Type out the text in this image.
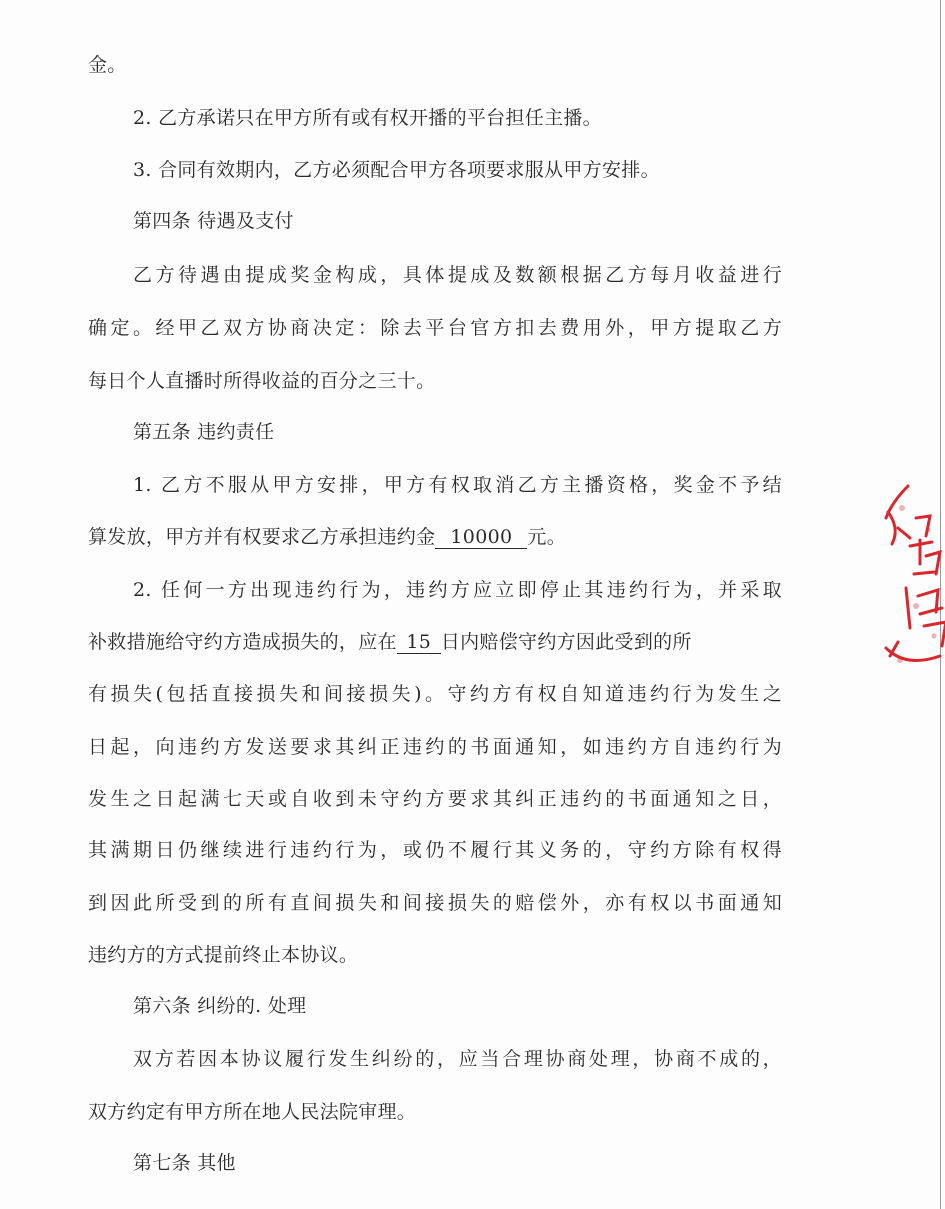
金。
2. 乙方承诺只在甲方所有或有权开播的平台担任主播。
3. 合同有效期内，乙方必须配合甲方各项要求服从甲方安排。
第四条 待遇及支付
乙方待遇由提成奖金构成，具体提成及数额根据乙方每月收益进行
确定。经甲乙双方协商决定：除去平台官方扣去费用外，甲方提取乙方
每日个人直播时所得收益的百分之三十。
第五条 违约责任
1. 乙方不服从甲方安排，甲方有权取消乙方主播资格，奖金不予结
算发放，甲方并有权要求乙方承担违约金 10000 元。
2. 任何一方出现违约行为，违约方应立即停止其违约行为，并采取
补救措施给守约方造成损失的，应在 15 日内赔偿守约方因此受到的所
有损失(包括直接损失和间接损失)。守约方有权自知道违约行为发生之
日起，向违约方发送要求其纠正违约的书面通知，如违约方自违约行为
发生之日起满七天或自收到未守约方要求其纠正违约的书面通知之日，
其满期日仍继续进行违约行为，或仍不履行其义务的，守约方除有权得
到因此所受到的所有直间损失和间接损失的赔偿外，亦有权以书面通知
违约方的方式提前终止本协议。
第六条 纠纷的. 处理
双方若因本协议履行发生纠纷的，应当合理协商处理，协商不成的，
双方约定有甲方所在地人民法院审理。
第七条 其他
